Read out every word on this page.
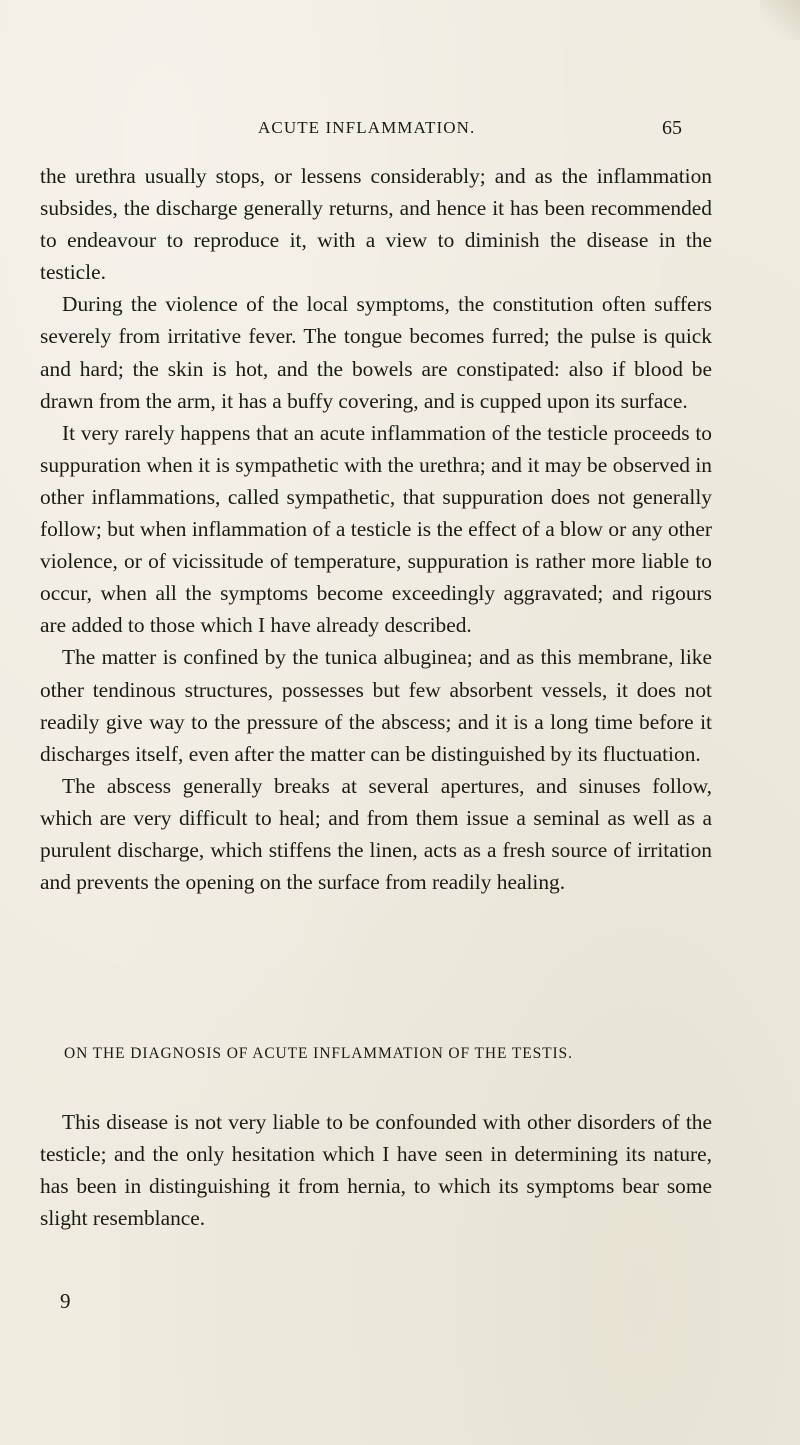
ACUTE INFLAMMATION.	65

the urethra usually stops, or lessens considerably; and as the inflammation subsides, the discharge generally returns, and hence it has been recommended to endeavour to reproduce it, with a view to diminish the disease in the testicle.

During the violence of the local symptoms, the constitution often suffers severely from irritative fever. The tongue becomes furred; the pulse is quick and hard; the skin is hot, and the bowels are constipated: also if blood be drawn from the arm, it has a buffy covering, and is cupped upon its surface.

It very rarely happens that an acute inflammation of the testicle proceeds to suppuration when it is sympathetic with the urethra; and it may be observed in other inflammations, called sympathetic, that suppuration does not generally follow; but when inflammation of a testicle is the effect of a blow or any other violence, or of vicissitude of temperature, suppuration is rather more liable to occur, when all the symptoms become exceedingly aggravated; and rigours are added to those which I have already described.

The matter is confined by the tunica albuginea; and as this membrane, like other tendinous structures, possesses but few absorbent vessels, it does not readily give way to the pressure of the abscess; and it is a long time before it discharges itself, even after the matter can be distinguished by its fluctuation.

The abscess generally breaks at several apertures, and sinuses follow, which are very difficult to heal; and from them issue a seminal as well as a purulent discharge, which stiffens the linen, acts as a fresh source of irritation and prevents the opening on the surface from readily healing.

ON THE DIAGNOSIS OF ACUTE INFLAMMATION OF THE TESTIS.

This disease is not very liable to be confounded with other disorders of the testicle; and the only hesitation which I have seen in determining its nature, has been in distinguishing it from hernia, to which its symptoms bear some slight resemblance.

9
